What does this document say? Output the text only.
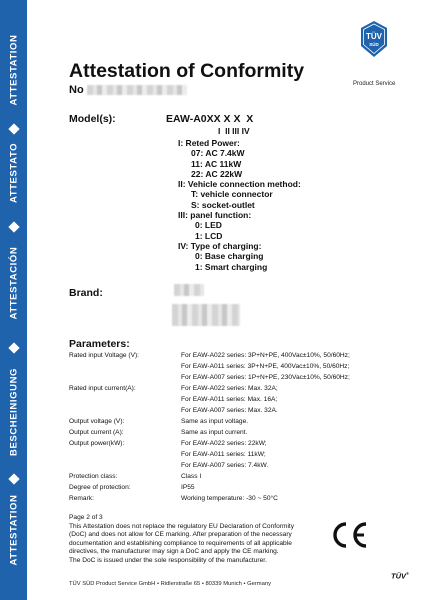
ATTESTATION
ATTESTATO
ATTESTACIÓN
BESCHEINIGUNG
ATTESTATION
TÜV
SÜD
Product Service
Attestation of Conformity
No
Model(s):	EAW-A0XX X X  X
I  II III IV
I: Reted Power:
07: AC 7.4kW
11: AC 11kW
22: AC 22kW
II: Vehicle connection method:
T: vehicle connector
S: socket-outlet
III: panel function:
0: LED
1: LCD
IV: Type of charging:
0: Base charging
1: Smart charging
Brand:
Parameters:
Rated input Voltage (V):	For EAW-A022 series: 3P+N+PE, 400Vac±10%, 50/60Hz;
For EAW-A011 series: 3P+N+PE, 400Vac±10%, 50/60Hz;
For EAW-A007 series: 1P+N+PE, 230Vac±10%, 50/60Hz;
Rated input current(A):	For EAW-A022 series: Max. 32A;
For EAW-A011 series: Max. 16A;
For EAW-A007 series: Max. 32A.
Output voltage (V):	Same as input voltage.
Output current (A):	Same as input current.
Output power(kW):	For EAW-A022 series: 22kW;
For EAW-A011 series: 11kW;
For EAW-A007 series: 7.4kW.
Protection class:	Class I
Degree of protection:	IP55
Remark:	Working temperature: -30 ~ 50°C
Page 2 of 3
This Attestation does not replace the regulatory EU Declaration of Conformity
(DoC) and does not allow for CE marking. After preparation of the necessary
documentation and establishing compliance to requirements of all applicable
directives, the manufacturer may sign a DoC and apply the CE marking.
The DoC is issued under the sole responsibility of the manufacturer.
TÜV®
TÜV SÜD Product Service GmbH • Ridlerstraße 65 • 80339 Munich • Germany
